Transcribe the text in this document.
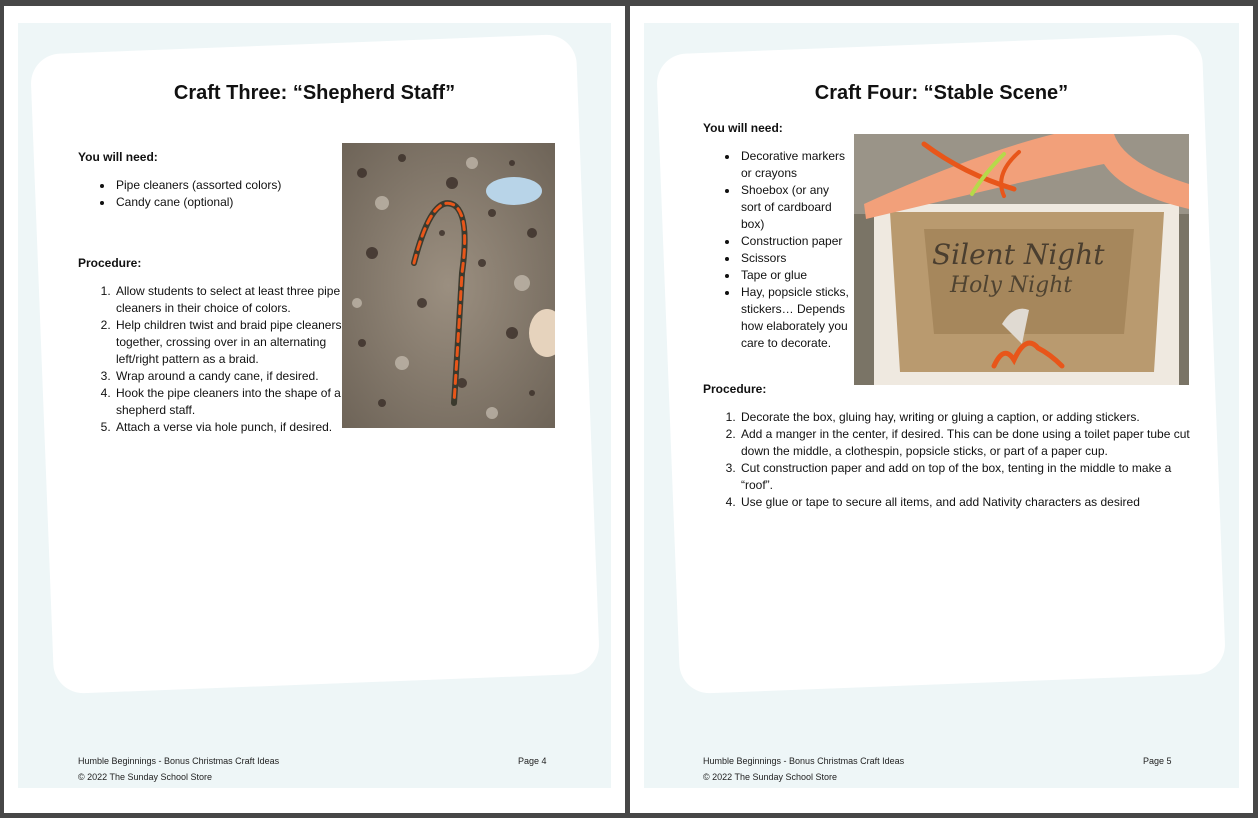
Craft Three: “Shepherd Staff”
You will need:
• Pipe cleaners (assorted colors)
• Candy cane (optional)
Procedure:
1. Allow students to select at least three pipe cleaners in their choice of colors.
2. Help children twist and braid pipe cleaners together, crossing over in an alternating left/right pattern as a braid.
3. Wrap around a candy cane, if desired.
4. Hook the pipe cleaners into the shape of a shepherd staff.
5. Attach a verse via hole punch, if desired.
Humble Beginnings - Bonus Christmas Craft Ideas
© 2022 The Sunday School Store
Page 4
Craft Four: “Stable Scene”
You will need:
• Decorative markers or crayons
• Shoebox (or any sort of cardboard box)
• Construction paper
• Scissors
• Tape or glue
• Hay, popsicle sticks, stickers… Depends how elaborately you care to decorate.
Silent Night
Holy Night
Procedure:
1. Decorate the box, gluing hay, writing or gluing a caption, or adding stickers.
2. Add a manger in the center, if desired. This can be done using a toilet paper tube cut down the middle, a clothespin, popsicle sticks, or part of a paper cup.
3. Cut construction paper and add on top of the box, tenting in the middle to make a “roof”.
4. Use glue or tape to secure all items, and add Nativity characters as desired
Humble Beginnings - Bonus Christmas Craft Ideas
© 2022 The Sunday School Store
Page 5
